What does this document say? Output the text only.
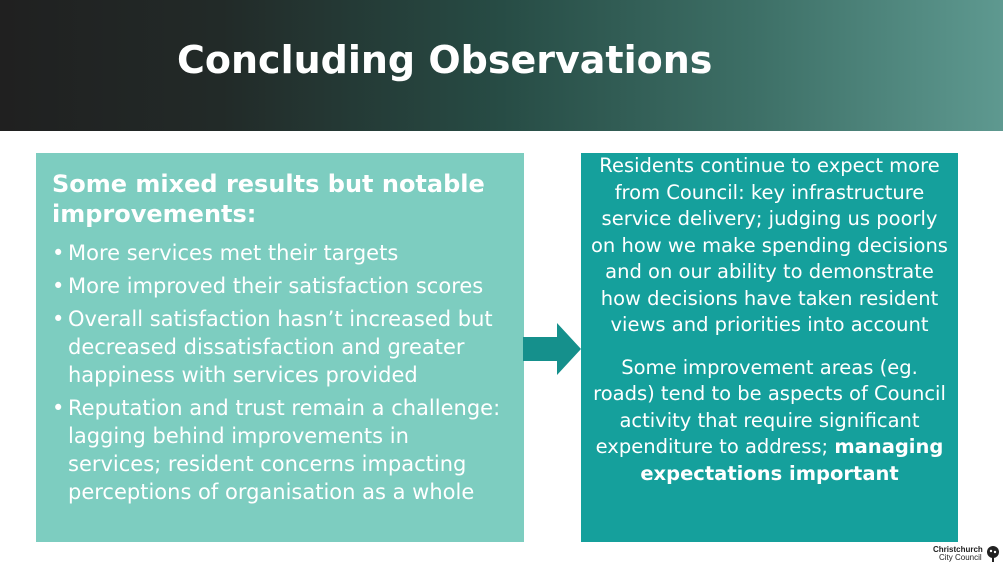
Concluding Observations
Some mixed results but notable improvements:
• More services met their targets
• More improved their satisfaction scores
• Overall satisfaction hasn’t increased but decreased dissatisfaction and greater happiness with services provided
• Reputation and trust remain a challenge: lagging behind improvements in services; resident concerns impacting perceptions of organisation as a whole

Residents continue to expect more from Council: key infrastructure service delivery; judging us poorly on how we make spending decisions and on our ability to demonstrate how decisions have taken resident views and priorities into account

Some improvement areas (eg. roads) tend to be aspects of Council activity that require significant expenditure to address; managing expectations important

Christchurch
City Council
